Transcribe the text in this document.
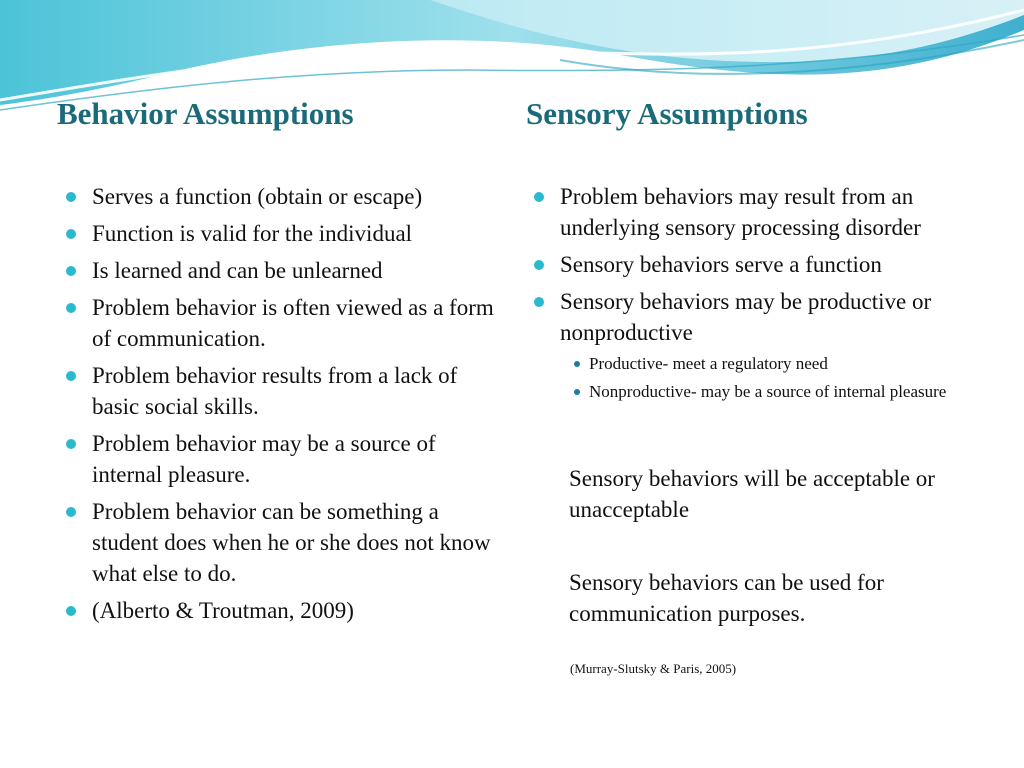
Behavior Assumptions	Sensory Assumptions
Serves a function (obtain or escape)
Function is valid for the individual
Is learned and can be unlearned
Problem behavior is often viewed as a form of communication.
Problem behavior results from a lack of basic social skills.
Problem behavior may be a source of internal pleasure.
Problem behavior can be something a student does when he or she does not know what else to do.
(Alberto & Troutman, 2009)
Problem behaviors may result from an underlying sensory processing disorder
Sensory behaviors serve a function
Sensory behaviors may be productive or nonproductive
Productive- meet a regulatory need
Nonproductive- may be a source of internal pleasure

Sensory behaviors will be acceptable or unacceptable

Sensory behaviors can be used for communication purposes.

(Murray-Slutsky & Paris, 2005)
